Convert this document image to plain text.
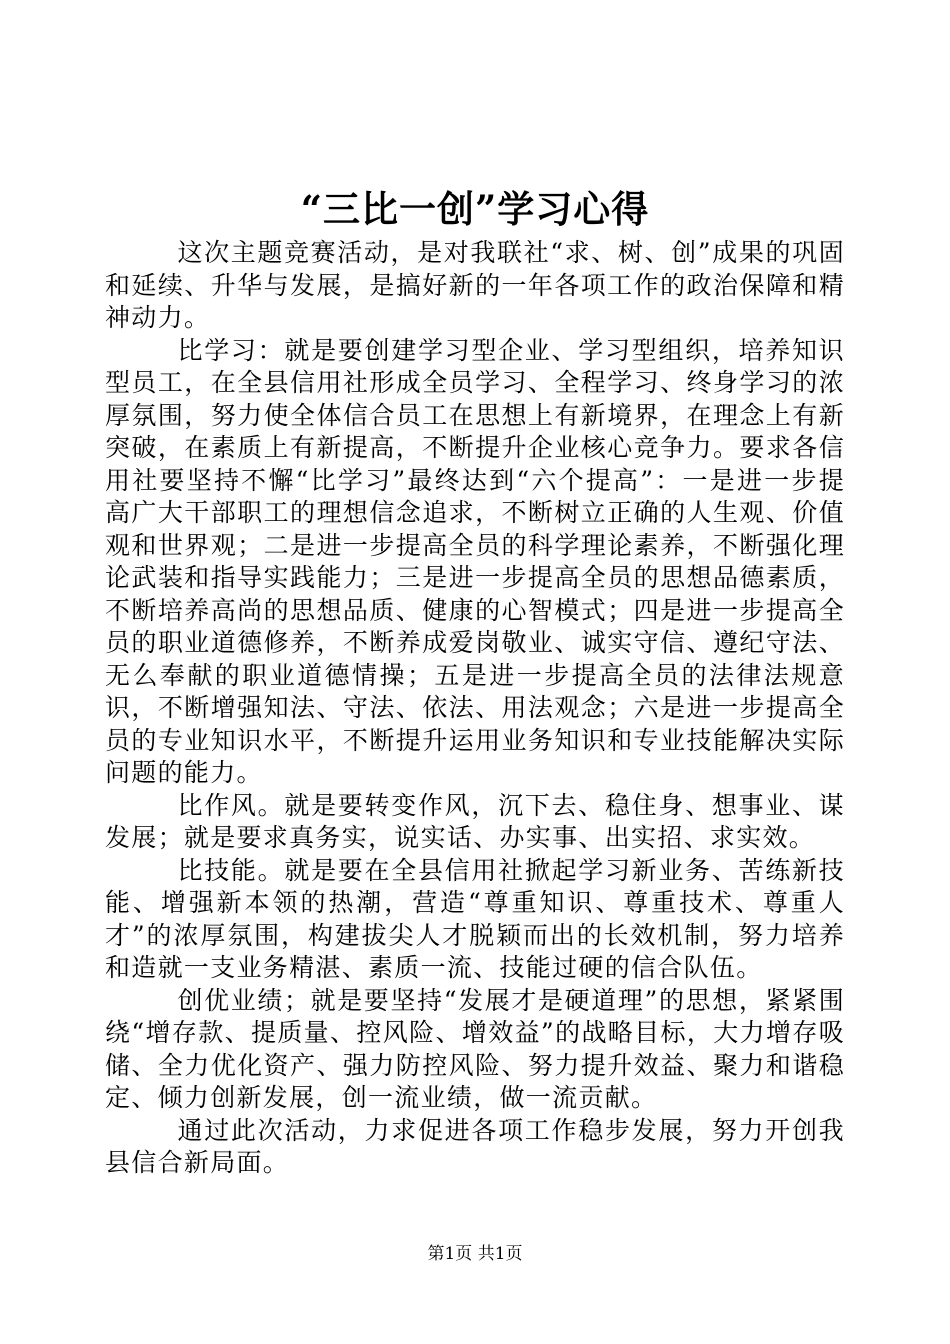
“三比一创”学习心得

这次主题竞赛活动，是对我联社“求、树、创”成果的巩固和延续、升华与发展，是搞好新的一年各项工作的政治保障和精神动力。

比学习：就是要创建学习型企业、学习型组织，培养知识型员工，在全县信用社形成全员学习、全程学习、终身学习的浓厚氛围，努力使全体信合员工在思想上有新境界，在理念上有新突破，在素质上有新提高，不断提升企业核心竞争力。要求各信用社要坚持不懈“比学习”最终达到“六个提高”：一是进一步提高广大干部职工的理想信念追求，不断树立正确的人生观、价值观和世界观；二是进一步提高全员的科学理论素养，不断强化理论武装和指导实践能力；三是进一步提高全员的思想品德素质，不断培养高尚的思想品质、健康的心智模式；四是进一步提高全员的职业道德修养，不断养成爱岗敬业、诚实守信、遵纪守法、无么奉献的职业道德情操；五是进一步提高全员的法律法规意识，不断增强知法、守法、依法、用法观念；六是进一步提高全员的专业知识水平，不断提升运用业务知识和专业技能解决实际问题的能力。

比作风。就是要转变作风，沉下去、稳住身、想事业、谋发展；就是要求真务实，说实话、办实事、出实招、求实效。

比技能。就是要在全县信用社掀起学习新业务、苦练新技能、增强新本领的热潮，营造“尊重知识、尊重技术、尊重人才”的浓厚氛围，构建拔尖人才脱颖而出的长效机制，努力培养和造就一支业务精湛、素质一流、技能过硬的信合队伍。

创优业绩；就是要坚持“发展才是硬道理”的思想，紧紧围绕“增存款、提质量、控风险、增效益”的战略目标，大力增存吸储、全力优化资产、强力防控风险、努力提升效益、聚力和谐稳定、倾力创新发展，创一流业绩，做一流贡献。

通过此次活动，力求促进各项工作稳步发展，努力开创我县信合新局面。

第1页 共1页
